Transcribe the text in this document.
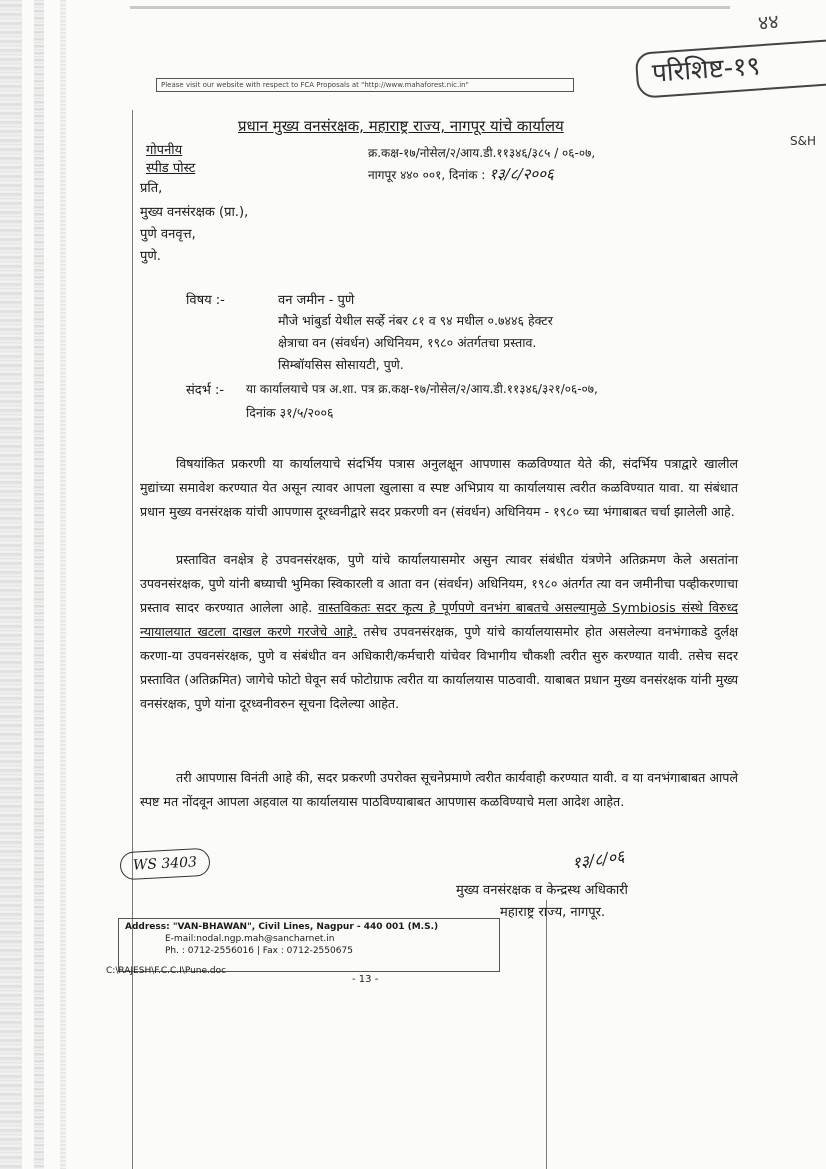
Please visit our website with respect to FCA Proposals at "http://www.mahaforest.nic.in"
४४
परिशिष्ट-१९
S&H
प्रधान मुख्य वनसंरक्षक, महाराष्ट्र राज्य, नागपूर यांचे कार्यालय
गोपनीय
स्पीड पोस्ट
क्र.कक्ष-१७/नोसेल/२/आय.डी.११३४६/३८५ / ०६-०७,
नागपूर ४४० ००१, दिनांक : १३/८/२००६
प्रति,
मुख्य वनसंरक्षक (प्रा.),
पुणे वनवृत्त,
पुणे.
विषय :-	वन जमीन - पुणे
मौजे भांबुर्डा येथील सर्व्हे नंबर ८१ व ९४ मधील ०.७४४६ हेक्टर
क्षेत्राचा वन (संवर्धन) अधिनियम, १९८० अंतर्गतचा प्रस्ताव.
सिम्बॉयसिस सोसायटी, पुणे.
संदर्भ :- या कार्यालयाचे पत्र अ.शा. पत्र क्र.कक्ष-१७/नोसेल/२/आय.डी.११३४६/३२१/०६-०७,
दिनांक ३१/५/२००६
विषयांकित प्रकरणी या कार्यालयाचे संदर्भिय पत्रास अनुलक्षून आपणास कळविण्यात येते की, संदर्भिय पत्राद्वारे खालील मुद्यांच्या समावेश करण्यात येत असून त्यावर आपला खुलासा व स्पष्ट अभिप्राय या कार्यालयास त्वरीत कळविण्यात यावा. या संबंधात प्रधान मुख्य वनसंरक्षक यांची आपणास दूरध्वनीद्वारे सदर प्रकरणी वन (संवर्धन) अधिनियम - १९८० च्या भंगाबाबत चर्चा झालेली आहे.
प्रस्तावित वनक्षेत्र हे उपवनसंरक्षक, पुणे यांचे कार्यालयासमोर असुन त्यावर संबंधीत यंत्रणेने अतिक्रमण केले असतांना उपवनसंरक्षक, पुणे यांनी बघ्याची भुमिका स्विकारली व आता वन (संवर्धन) अधिनियम, १९८० अंतर्गत त्या वन जमीनीचा पव्हीकरणाचा प्रस्ताव सादर करण्यात आलेला आहे. वास्तविकतः सदर कृत्य हे पूर्णपणे वनभंग बाबतचे असल्यामुळे Symbiosis संस्थे विरुध्द न्यायालयात खटला दाखल करणे गरजेचे आहे. तसेच उपवनसंरक्षक, पुणे यांचे कार्यालयासमोर होत असलेल्या वनभंगाकडे दुर्लक्ष करणा-या उपवनसंरक्षक, पुणे व संबंधीत वन अधिकारी/कर्मचारी यांचेवर विभागीय चौकशी त्वरीत सुरु करण्यात यावी. तसेच सदर प्रस्तावित (अतिक्रमित) जागेचे फोटो घेवून सर्व फोटोग्राफ त्वरीत या कार्यालयास पाठवावी. याबाबत प्रधान मुख्य वनसंरक्षक यांनी मुख्य वनसंरक्षक, पुणे यांना दूरध्वनीवरुन सूचना दिलेल्या आहेत.
तरी आपणास विनंती आहे की, सदर प्रकरणी उपरोक्त सूचनेप्रमाणे त्वरीत कार्यवाही करण्यात यावी. व या वनभंगाबाबत आपले स्पष्ट मत नोंदवून आपला अहवाल या कार्यालयास पाठविण्याबाबत आपणास कळविण्याचे मला आदेश आहेत.
WS 3403	१३/८/०६
मुख्य वनसंरक्षक व केन्द्रस्थ अधिकारी
महाराष्ट्र राज्य, नागपूर.
Address: "VAN-BHAWAN", Civil Lines, Nagpur - 440 001 (M.S.)
E-mail:nodal.ngp.mah@sancharnet.in
Ph. : 0712-2556016 | Fax : 0712-2550675
C:\RAJESH\F.C.C.I\Pune.doc
- 13 -
